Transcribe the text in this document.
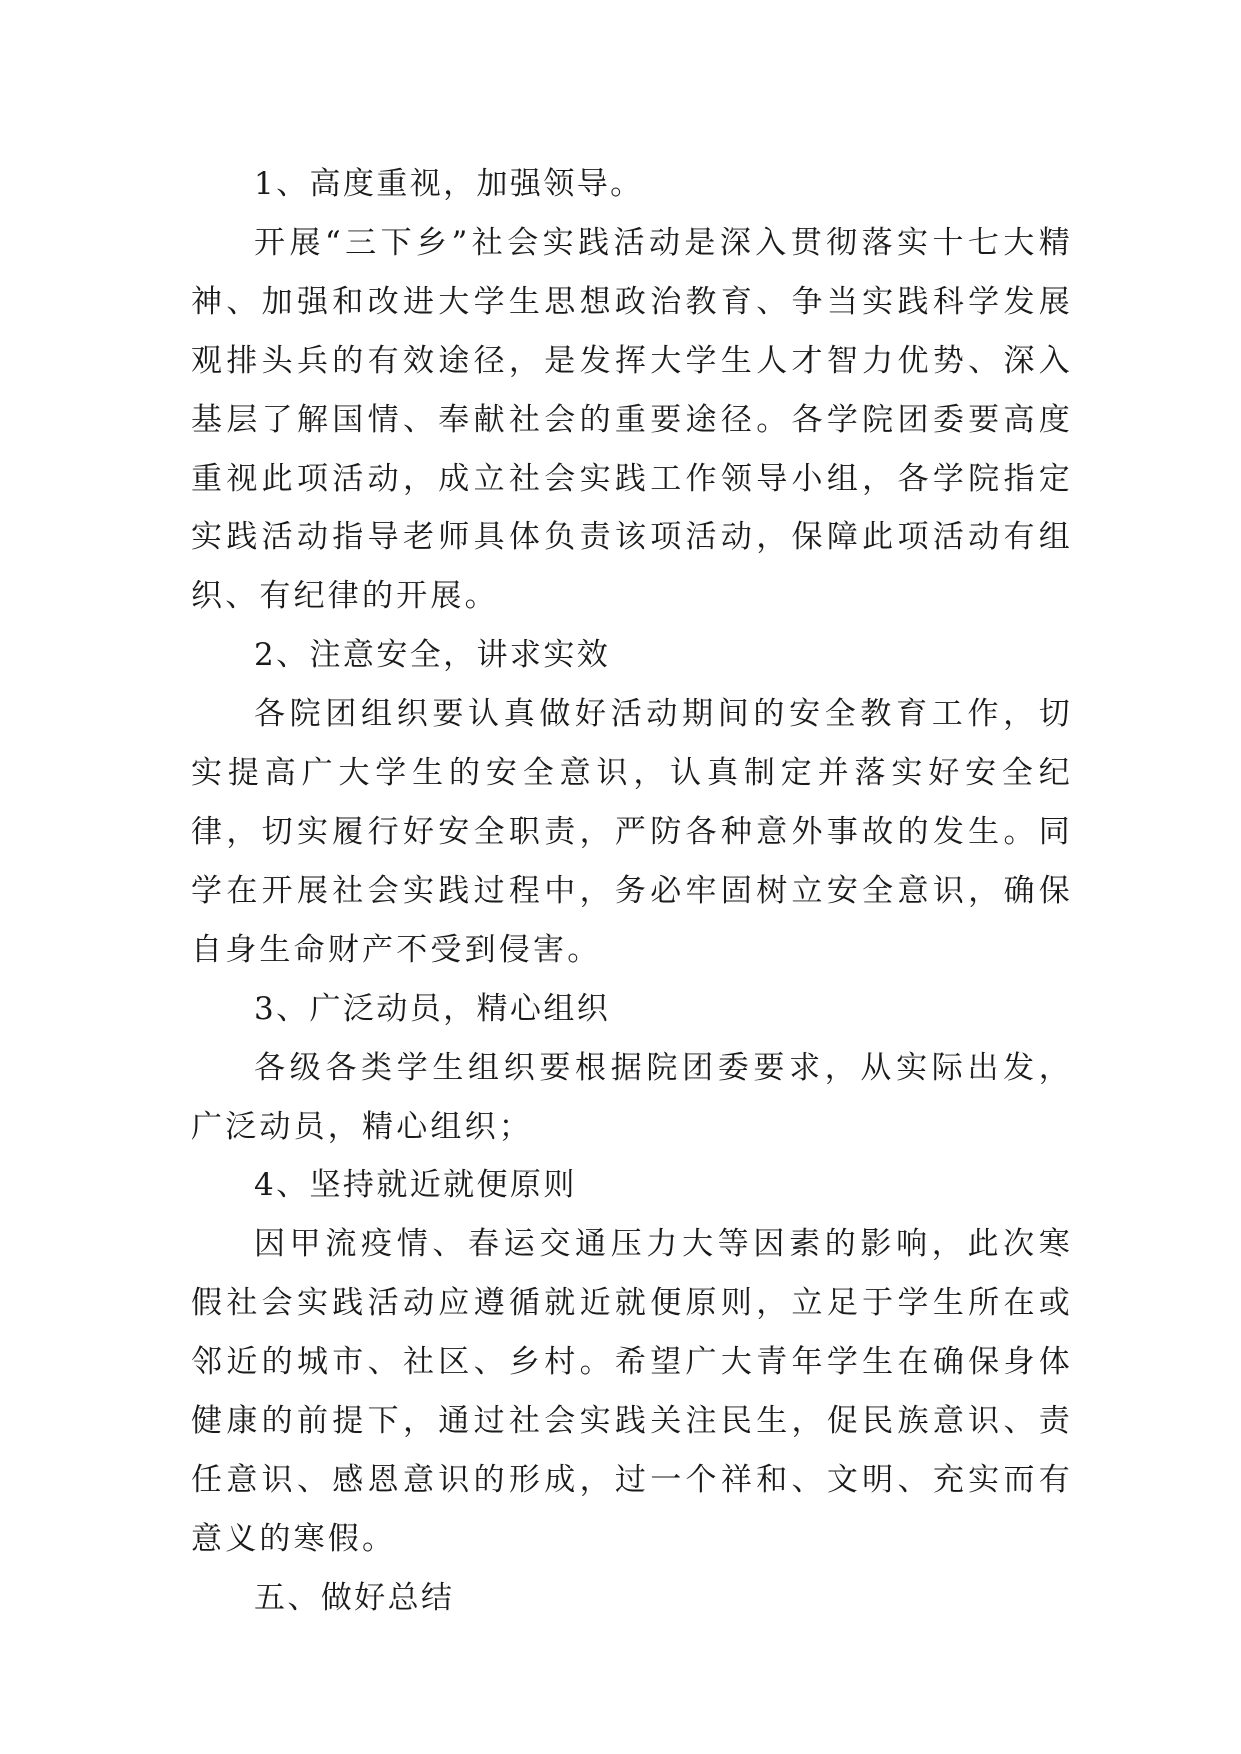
1、高度重视，加强领导。

开展“三下乡”社会实践活动是深入贯彻落实十七大精神、加强和改进大学生思想政治教育、争当实践科学发展观排头兵的有效途径，是发挥大学生人才智力优势、深入基层了解国情、奉献社会的重要途径。各学院团委要高度重视此项活动，成立社会实践工作领导小组，各学院指定实践活动指导老师具体负责该项活动，保障此项活动有组织、有纪律的开展。

2、注意安全，讲求实效

各院团组织要认真做好活动期间的安全教育工作，切实提高广大学生的安全意识，认真制定并落实好安全纪律，切实履行好安全职责，严防各种意外事故的发生。同学在开展社会实践过程中，务必牢固树立安全意识，确保自身生命财产不受到侵害。

3、广泛动员，精心组织

各级各类学生组织要根据院团委要求，从实际出发，广泛动员，精心组织；

4、坚持就近就便原则

因甲流疫情、春运交通压力大等因素的影响，此次寒假社会实践活动应遵循就近就便原则，立足于学生所在或邻近的城市、社区、乡村。希望广大青年学生在确保身体健康的前提下，通过社会实践关注民生，促民族意识、责任意识、感恩意识的形成，过一个祥和、文明、充实而有意义的寒假。

五、做好总结
